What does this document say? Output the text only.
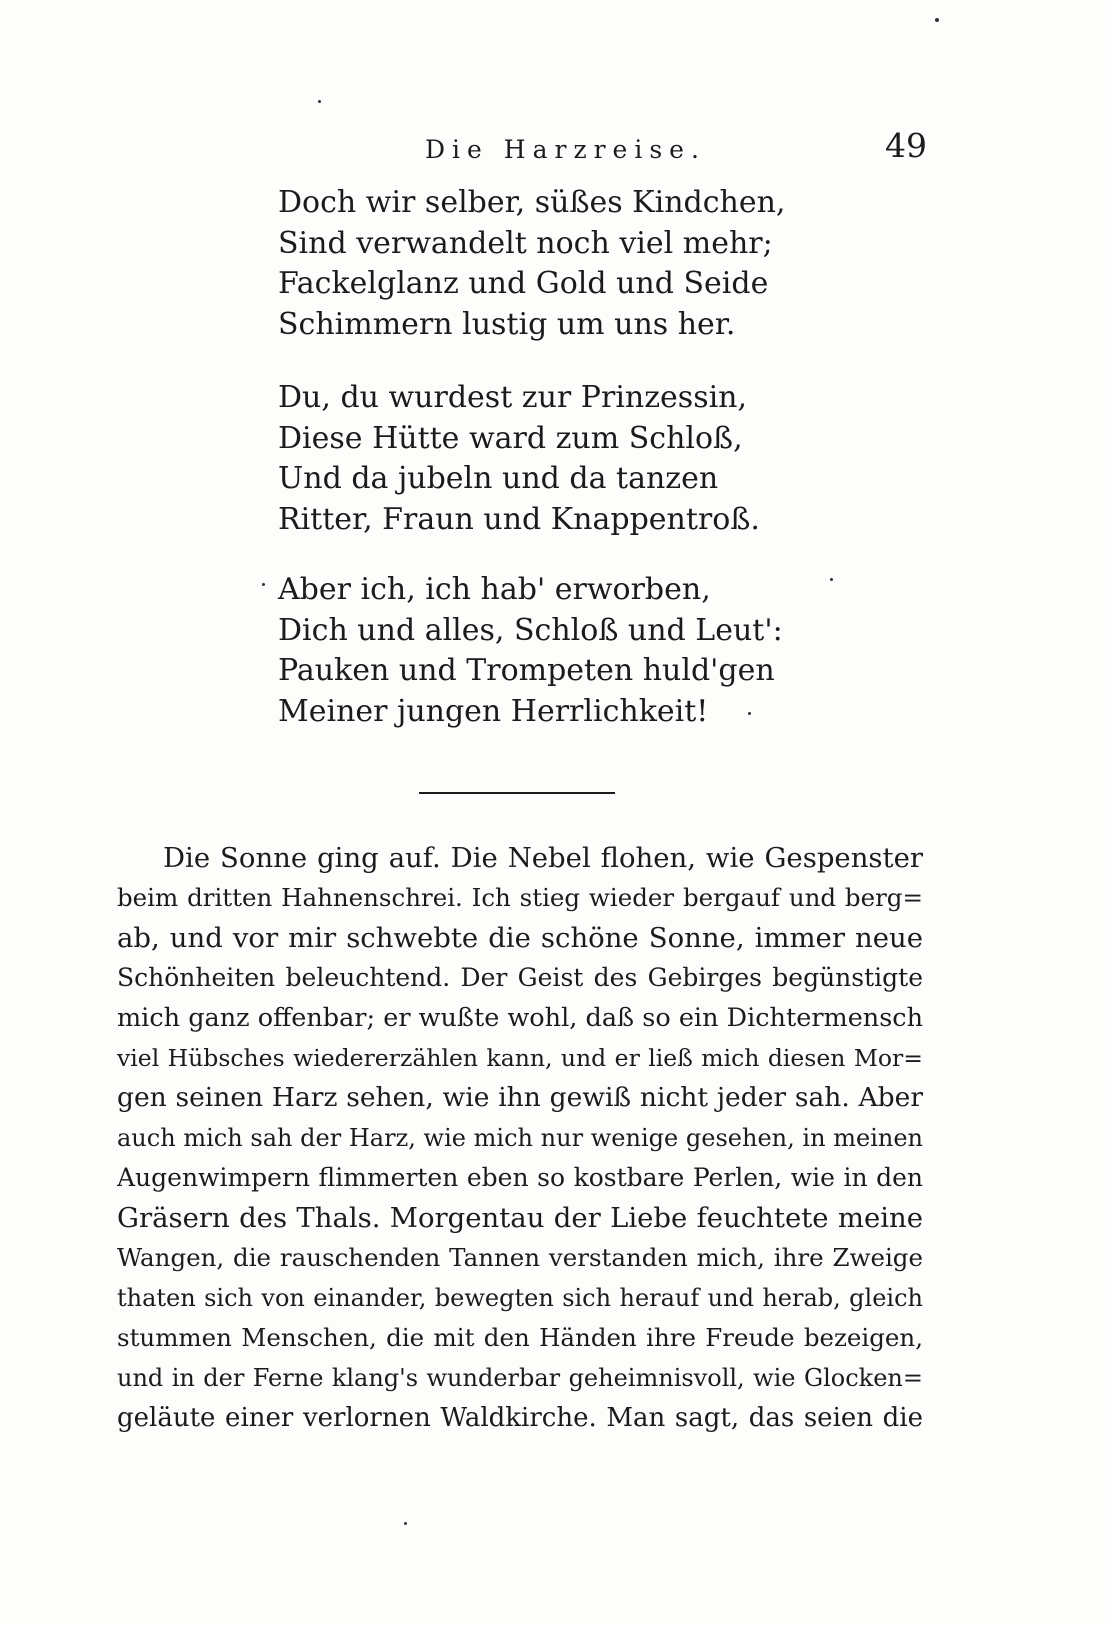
Die Harzreise.	49
Doch wir selber, süßes Kindchen,
Sind verwandelt noch viel mehr;
Fackelglanz und Gold und Seide
Schimmern lustig um uns her.
Du, du wurdest zur Prinzessin,
Diese Hütte ward zum Schloß,
Und da jubeln und da tanzen
Ritter, Fraun und Knappentroß.
Aber ich, ich hab' erworben,
Dich und alles, Schloß und Leut':
Pauken und Trompeten huld'gen
Meiner jungen Herrlichkeit!
Die Sonne ging auf. Die Nebel flohen, wie Gespenster
beim dritten Hahnenschrei. Ich stieg wieder bergauf und berg=
ab, und vor mir schwebte die schöne Sonne, immer neue
Schönheiten beleuchtend. Der Geist des Gebirges begünstigte
mich ganz offenbar; er wußte wohl, daß so ein Dichtermensch
viel Hübsches wiedererzählen kann, und er ließ mich diesen Mor=
gen seinen Harz sehen, wie ihn gewiß nicht jeder sah. Aber
auch mich sah der Harz, wie mich nur wenige gesehen, in meinen
Augenwimpern flimmerten eben so kostbare Perlen, wie in den
Gräsern des Thals. Morgentau der Liebe feuchtete meine
Wangen, die rauschenden Tannen verstanden mich, ihre Zweige
thaten sich von einander, bewegten sich herauf und herab, gleich
stummen Menschen, die mit den Händen ihre Freude bezeigen,
und in der Ferne klang's wunderbar geheimnisvoll, wie Glocken=
geläute einer verlornen Waldkirche. Man sagt, das seien die
